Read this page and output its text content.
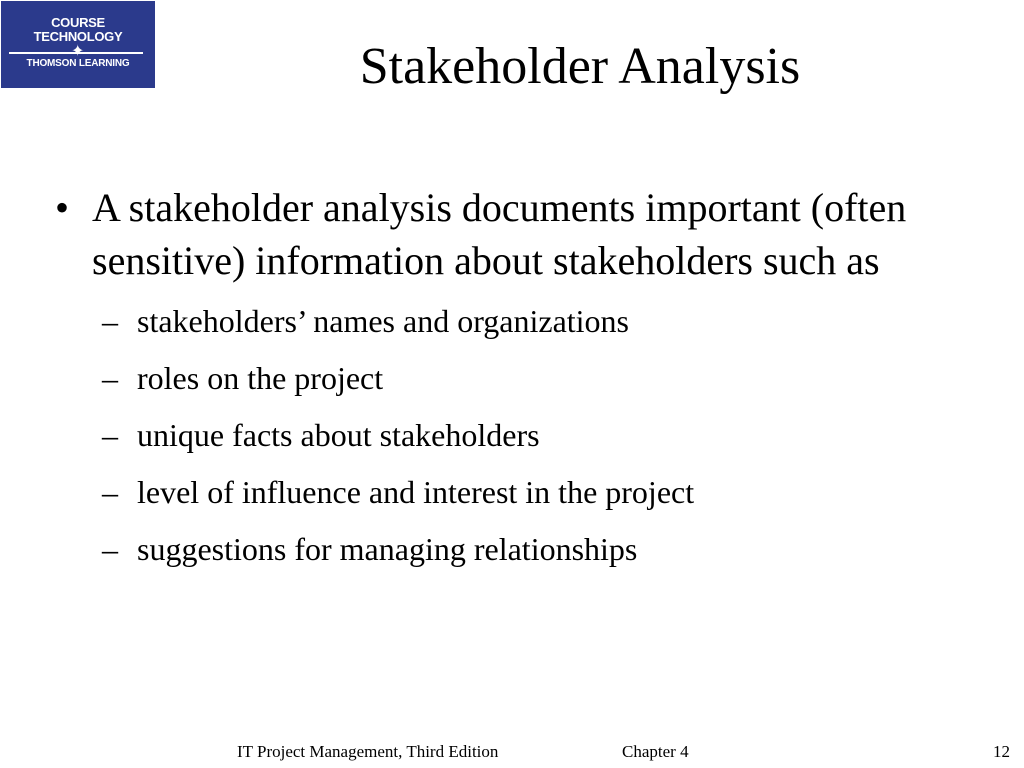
COURSE
TECHNOLOGY
✦
THOMSON LEARNING	Stakeholder Analysis
• A stakeholder analysis documents important (often sensitive) information about stakeholders such as
– stakeholders’ names and organizations
– roles on the project
– unique facts about stakeholders
– level of influence and interest in the project
– suggestions for managing relationships
IT Project Management, Third Edition	Chapter 4	12
